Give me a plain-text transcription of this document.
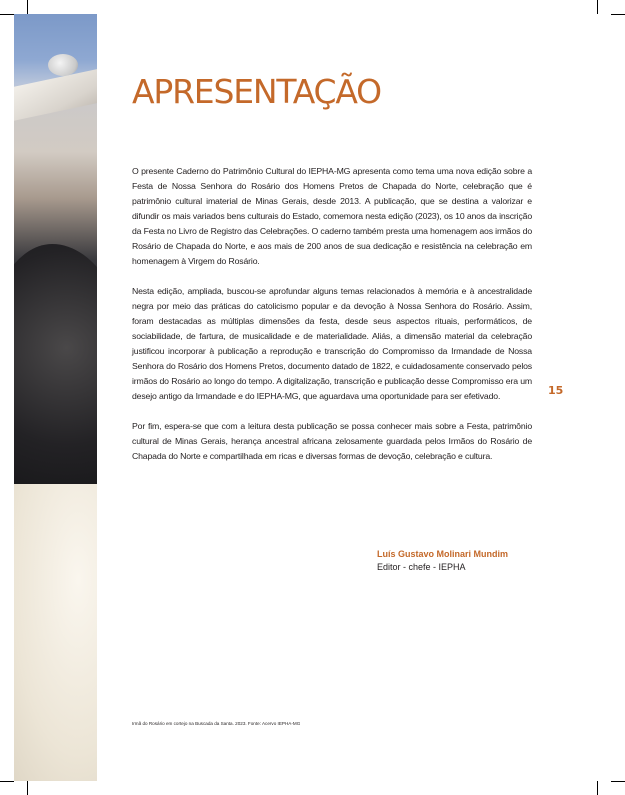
APRESENTAÇÃO

O presente Caderno do Patrimônio Cultural do IEPHA-MG apresenta como tema uma nova edição sobre a Festa de Nossa Senhora do Rosário dos Homens Pretos de Chapada do Norte, celebração que é patrimônio cultural imaterial de Minas Gerais, desde 2013. A publicação, que se destina a valorizar e difundir os mais variados bens culturais do Estado, comemora nesta edição (2023), os 10 anos da inscrição da Festa no Livro de Registro das Celebrações. O caderno também presta uma homenagem aos irmãos do Rosário de Chapada do Norte, e aos mais de 200 anos de sua dedicação e resistência na celebração em homenagem à Virgem do Rosário.

Nesta edição, ampliada, buscou-se aprofundar alguns temas relacionados à memória e à ancestralidade negra por meio das práticas do catolicismo popular e da devoção à Nossa Senhora do Rosário. Assim, foram destacadas as múltiplas dimensões da festa, desde seus aspectos rituais, performáticos, de sociabilidade, de fartura, de musicalidade e de materialidade. Aliás, a dimensão material da celebração justificou incorporar à publicação a reprodução e transcrição do Compromisso da Irmandade de Nossa Senhora do Rosário dos Homens Pretos, documento datado de 1822, e cuidadosamente conservado pelos irmãos do Rosário ao longo do tempo. A digitalização, transcrição e publicação desse Compromisso era um desejo antigo da Irmandade e do IEPHA-MG, que aguardava uma oportunidade para ser efetivado.

Por fim, espera-se que com a leitura desta publicação se possa conhecer mais sobre a Festa, patrimônio cultural de Minas Gerais, herança ancestral africana zelosamente guardada pelos Irmãos do Rosário de Chapada do Norte e compartilhada em ricas e diversas formas de devoção, celebração e cultura.

Luís Gustavo Molinari Mundim
Editor - chefe - IEPHA
15
Irmã do Rosário em cortejo na Buscada da Santa. 2023. Fonte: Acervo IEPHA-MG
